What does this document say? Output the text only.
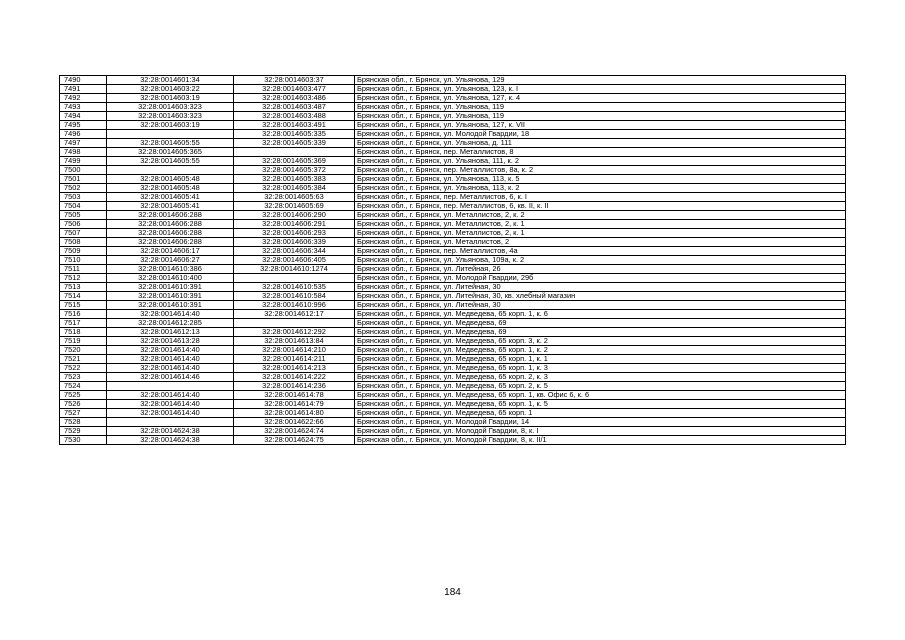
7490	32:28:0014601:34	32:28:0014603:37	Брянская обл., г. Брянск, ул. Ульянова, 129
7491	32:28:0014603:22	32:28:0014603:477	Брянская обл., г. Брянск, ул. Ульянова, 123, к. I
7492	32:28:0014603:19	32:28:0014603:486	Брянская обл., г. Брянск, ул. Ульянова, 127, к. 4
7493	32:28:0014603:323	32:28:0014603:487	Брянская обл., г. Брянск, ул. Ульянова, 119
7494	32:28:0014603:323	32:28:0014603:488	Брянская обл., г. Брянск, ул. Ульянова, 119
7495	32:28:0014603:19	32:28:0014603:491	Брянская обл., г. Брянск, ул. Ульянова, 127, к. VII
7496		32:28:0014605:335	Брянская обл., г. Брянск, ул. Молодой Гвардии, 18
7497	32:28:0014605:55	32:28:0014605:339	Брянская обл., г. Брянск, ул. Ульянова, д. 111
7498	32:28:0014605:365		Брянская обл., г. Брянск, пер. Металлистов, 8
7499	32:28:0014605:55	32:28:0014605:369	Брянская обл., г. Брянск, ул. Ульянова, 111, к. 2
7500		32:28:0014605:372	Брянская обл., г. Брянск, пер. Металлистов, 8а, к. 2
7501	32:28:0014605:48	32:28:0014605:383	Брянская обл., г. Брянск, ул. Ульянова, 113, к. 5
7502	32:28:0014605:48	32:28:0014605:384	Брянская обл., г. Брянск, ул. Ульянова, 113, к. 2
7503	32:28:0014605:41	32:28:0014605:63	Брянская обл., г. Брянск, пер. Металлистов, 6, к. I
7504	32:28:0014605:41	32:28:0014605:69	Брянская обл., г. Брянск, пер. Металлистов, 6, кв. II, к. II
7505	32:28:0014606:288	32:28:0014606:290	Брянская обл., г. Брянск, ул. Металлистов, 2, к. 2
7506	32:28:0014606:288	32:28:0014606:291	Брянская обл., г. Брянск, ул. Металлистов, 2, к. 1
7507	32:28:0014606:288	32:28:0014606:293	Брянская обл., г. Брянск, ул. Металлистов, 2, к. 1
7508	32:28:0014606:288	32:28:0014606:339	Брянская обл., г. Брянск, ул. Металлистов, 2
7509	32:28:0014606:17	32:28:0014606:344	Брянская обл., г. Брянск, пер. Металлистов, 4а
7510	32:28:0014606:27	32:28:0014606:405	Брянская обл., г. Брянск, ул. Ульянова, 109а, к. 2
7511	32:28:0014610:386	32:28:0014610:1274	Брянская обл., г. Брянск, ул. Литейная, 26
7512	32:28:0014610:400		Брянская обл., г. Брянск, ул. Молодой Гвардии, 29б
7513	32:28:0014610:391	32:28:0014610:535	Брянская обл., г. Брянск, ул. Литейная, 30
7514	32:28:0014610:391	32:28:0014610:584	Брянская обл., г. Брянск, ул. Литейная, 30, кв. хлебный магазин
7515	32:28:0014610:391	32:28:0014610:996	Брянская обл., г. Брянск, ул. Литейная, 30
7516	32:28:0014614:40	32:28:0014612:17	Брянская обл., г. Брянск, ул. Медведева, 65 корп. 1, к. 6
7517	32:28:0014612:285		Брянская обл., г. Брянск, ул. Медведева, 69
7518	32:28:0014612:13	32:28:0014612:292	Брянская обл., г. Брянск, ул. Медведева, 69
7519	32:28:0014613:28	32:28:0014613:84	Брянская обл., г. Брянск, ул. Медведева, 65 корп. 3, к. 2
7520	32:28:0014614:40	32:28:0014614:210	Брянская обл., г. Брянск, ул. Медведева, 65 корп. 1, к. 2
7521	32:28:0014614:40	32:28:0014614:211	Брянская обл., г. Брянск, ул. Медведева, 65 корп. 1, к. 1
7522	32:28:0014614:40	32:28:0014614:213	Брянская обл., г. Брянск, ул. Медведева, 65 корп. 1, к. 3
7523	32:28:0014614:46	32:28:0014614:222	Брянская обл., г. Брянск, ул. Медведева, 65 корп. 2, к. 3
7524		32:28:0014614:236	Брянская обл., г. Брянск, ул. Медведева, 65 корп. 2, к. 5
7525	32:28:0014614:40	32:28:0014614:78	Брянская обл., г. Брянск, ул. Медведева, 65 корп. 1, кв. Офис 6, к. 6
7526	32:28:0014614:40	32:28:0014614:79	Брянская обл., г. Брянск, ул. Медведева, 65 корп. 1, к. 5
7527	32:28:0014614:40	32:28:0014614:80	Брянская обл., г. Брянск, ул. Медведева, 65 корп. 1
7528		32:28:0014622:66	Брянская обл., г. Брянск, ул. Молодой Гвардии, 14
7529	32:28:0014624:38	32:28:0014624:74	Брянская обл., г. Брянск, ул. Молодой Гвардии, 8, к. I
7530	32:28:0014624:38	32:28:0014624:75	Брянская обл., г. Брянск, ул. Молодой Гвардии, 8, к. II/1
184
